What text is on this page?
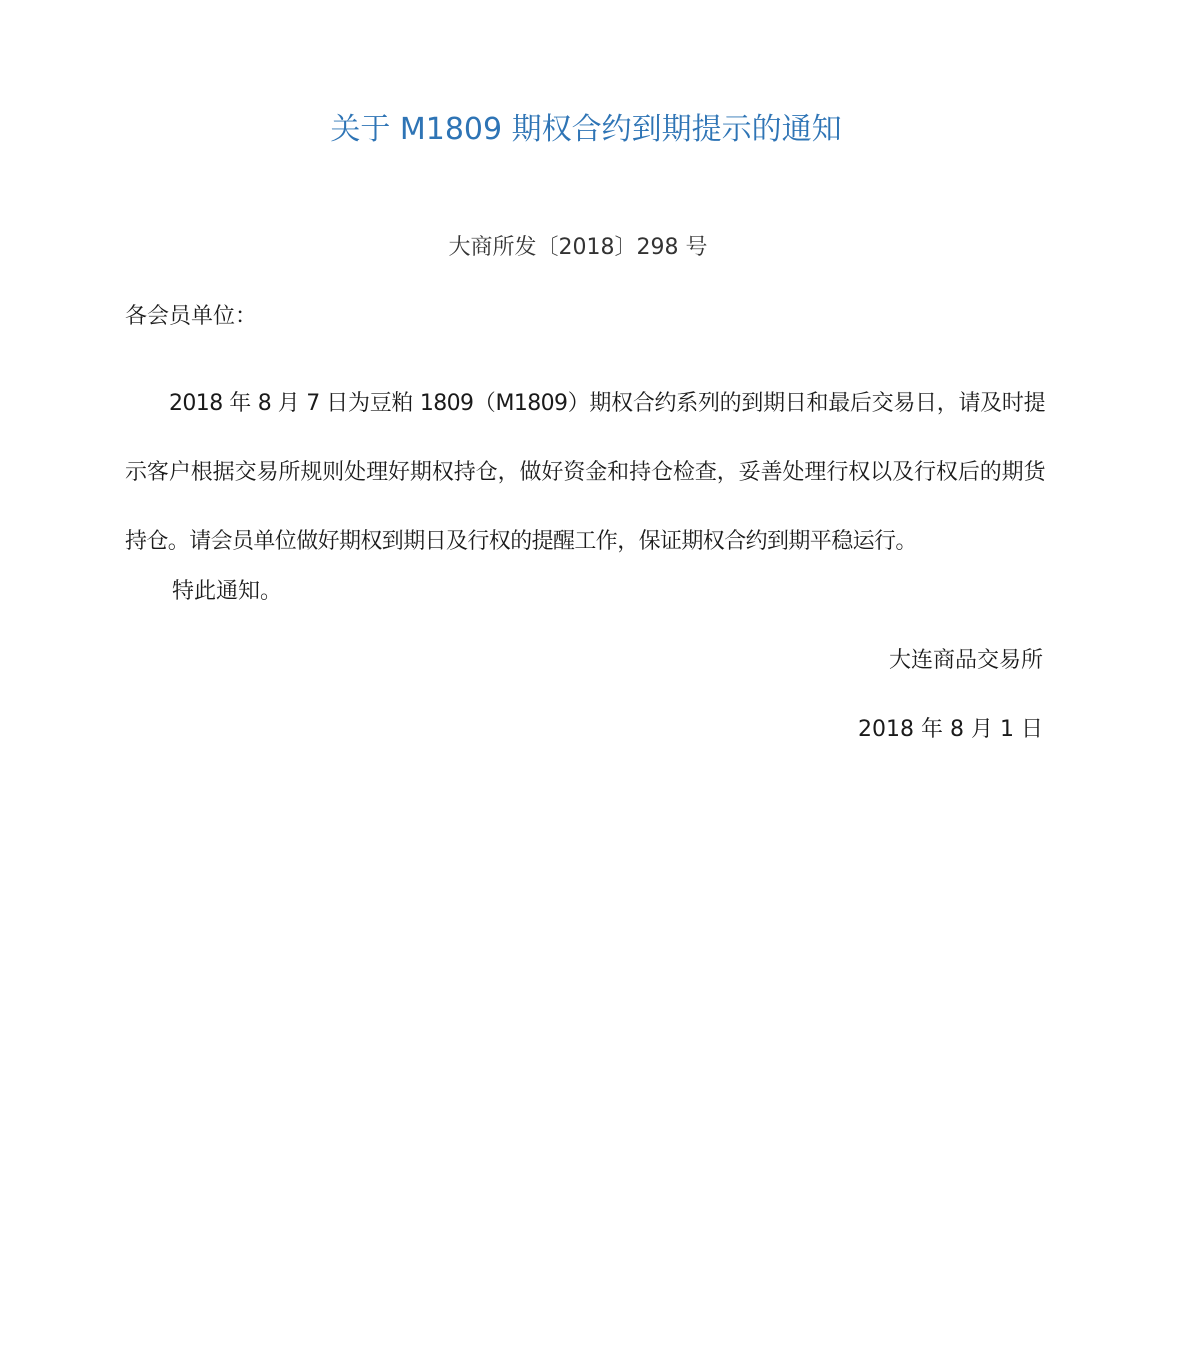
关于 M1809 期权合约到期提示的通知
大商所发〔2018〕298 号
各会员单位：
2018 年 8 月 7 日为豆粕 1809（M1809）期权合约系列的到期日和最后交易日，请及时提示客户根据交易所规则处理好期权持仓，做好资金和持仓检查，妥善处理行权以及行权后的期货持仓。请会员单位做好期权到期日及行权的提醒工作，保证期权合约到期平稳运行。
特此通知。
大连商品交易所
2018 年 8 月 1 日
